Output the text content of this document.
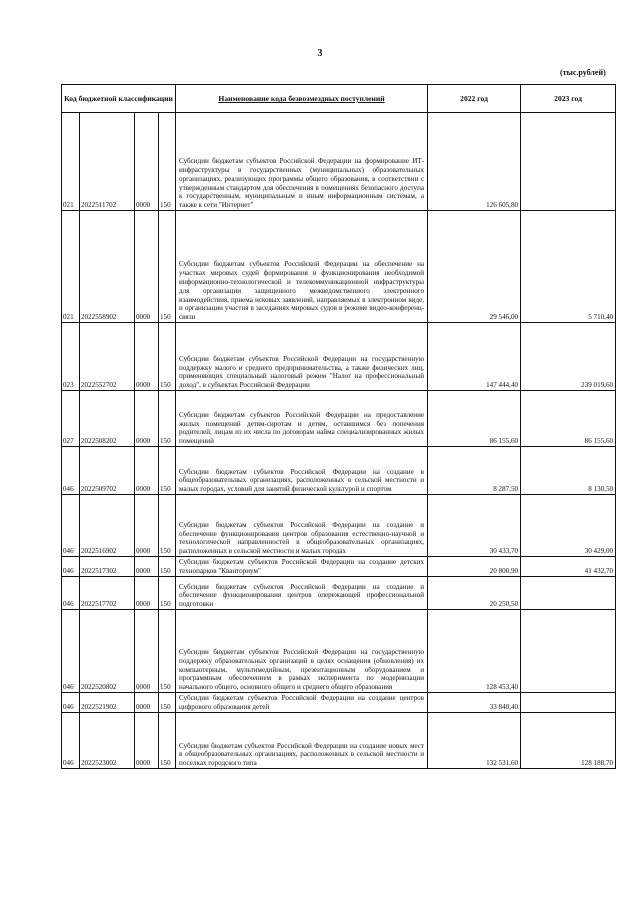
3
(тыс.рублей)
Код бюджетной классификации				Наименование кода безвозмездных поступлений	2022 год	2023 год
021	2022511702	0000	150	Субсидии бюджетам субъектов Российской Федерации на формирование ИТ-инфраструктуры в государственных (муниципальных) образовательных организациях, реализующих программы общего образования, в соответствии с утвержденным стандартом для обеспечения в помещениях безопасного доступа к государственным, муниципальным и иным информационным системам, а также к сети "Интернет"	126 605,80	
021	2022558902	0000	150	Субсидии бюджетам субъектов Российской Федерации на обеспечение на участках мировых судей формирования и функционирования необходимой информационно-технологической и телекоммуникационной инфраструктуры для организации защищенного межведомственного электронного взаимодействия, приема исковых заявлений, направляемых в электронном виде, и организации участия в заседаниях мировых судов в режиме видео-конференц-связи	29 546,00	5 710,40
023	2022552702	0000	150	Субсидии бюджетам субъектов Российской Федерации на государственную поддержку малого и среднего предпринимательства, а также физических лиц, применяющих специальный налоговый режим "Налог на профессиональный доход", в субъектах Российской Федерации	147 444,40	239 019,60
027	2022508202	0000	150	Субсидии бюджетам субъектов Российской Федерации на предоставление жилых помещений детям-сиротам и детям, оставшимся без попечения родителей, лицам из их числа по договорам найма специализированных жилых помещений	86 155,60	86 155,60
046	2022509702	0000	150	Субсидии бюджетам субъектов Российской Федерации на создание в общеобразовательных организациях, расположенных в сельской местности и малых городах, условий для занятий физической культурой и спортом	8 287,50	8 130,50
046	2022516902	0000	150	Субсидии бюджетам субъектов Российской Федерации на создание и обеспечение функционирования центров образования естественно-научной и технологической направленностей в общеобразовательных организациях, расположенных в сельской местности и малых городах	30 433,70	30 429,00
046	2022517302	0000	150	Субсидии бюджетам субъектов Российской Федерации на создание детских технопарков "Кванториум"	20 800,90	41 432,70
046	2022517702	0000	150	Субсидии бюджетам субъектов Российской Федерации на создание и обеспечение функционирования центров опережающей профессиональной подготовки	20 250,50	
046	2022520802	0000	150	Субсидии бюджетам субъектов Российской Федерации на государственную поддержку образовательных организаций в целях оснащения (обновления) их компьютерным, мультимедийным, презентационным оборудованием и программным обеспечением в рамках эксперимента по модернизации начального общего, основного общего и среднего общего образования	128 453,40	
046	2022521902	0000	150	Субсидии бюджетам субъектов Российской Федерации на создание центров цифрового образования детей	33 840,40	
046	2022523002	0000	150	Субсидии бюджетам субъектов Российской Федерации на создание новых мест в общеобразовательных организациях, расположенных в сельской местности и поселках городского типа	132 531,60	128 188,70
